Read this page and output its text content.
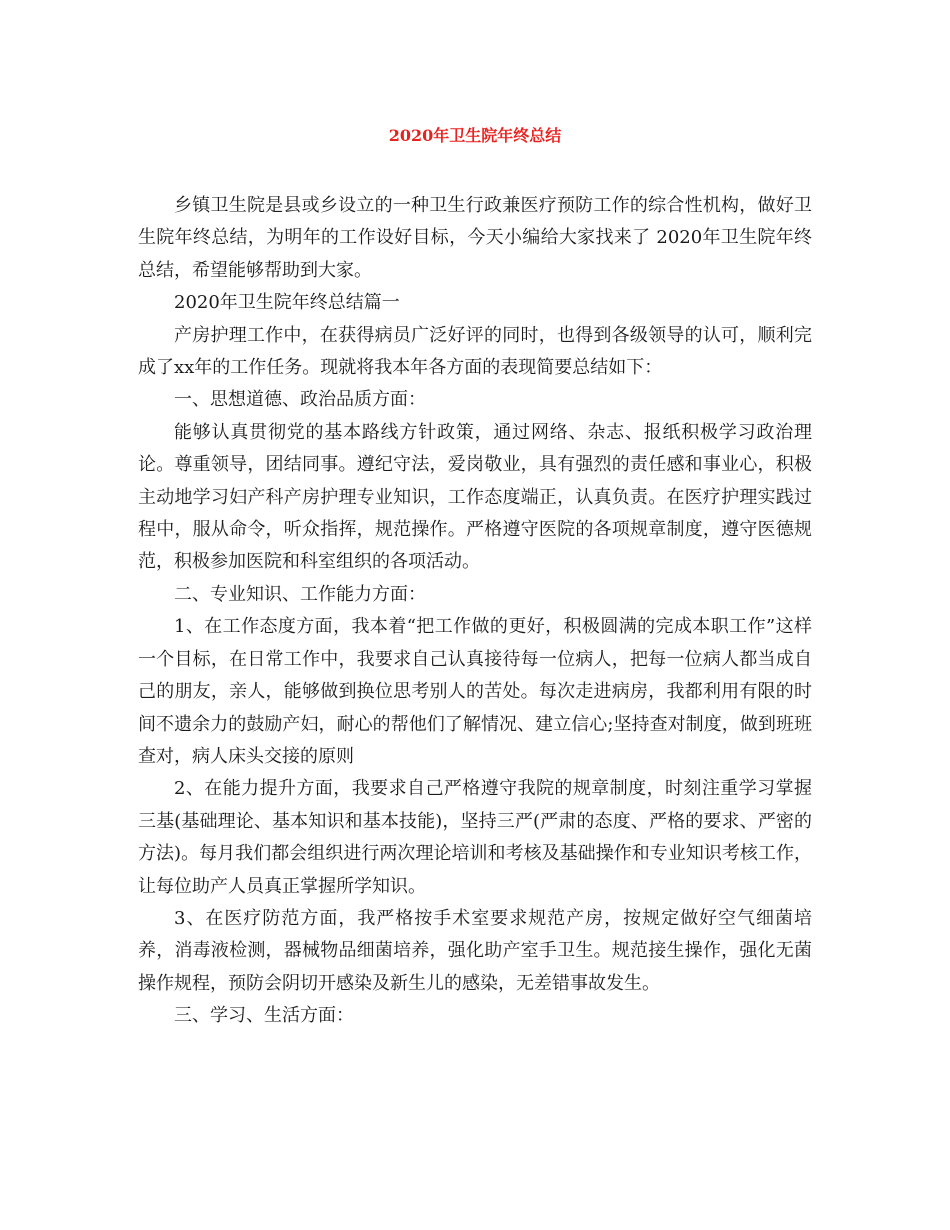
2020年卫生院年终总结

乡镇卫生院是县或乡设立的一种卫生行政兼医疗预防工作的综合性机构，做好卫生院年终总结，为明年的工作设好目标，今天小编给大家找来了 2020年卫生院年终总结，希望能够帮助到大家。

2020年卫生院年终总结篇一

产房护理工作中，在获得病员广泛好评的同时，也得到各级领导的认可，顺利完成了xx年的工作任务。现就将我本年各方面的表现简要总结如下：

一、思想道德、政治品质方面：

能够认真贯彻党的基本路线方针政策，通过网络、杂志、报纸积极学习政治理论。尊重领导，团结同事。遵纪守法，爱岗敬业，具有强烈的责任感和事业心，积极主动地学习妇产科产房护理专业知识，工作态度端正，认真负责。在医疗护理实践过程中，服从命令，听众指挥，规范操作。严格遵守医院的各项规章制度，遵守医德规范，积极参加医院和科室组织的各项活动。

二、专业知识、工作能力方面：

1、在工作态度方面，我本着“把工作做的更好，积极圆满的完成本职工作”这样一个目标，在日常工作中，我要求自己认真接待每一位病人，把每一位病人都当成自己的朋友，亲人，能够做到换位思考别人的苦处。每次走进病房，我都利用有限的时间不遗余力的鼓励产妇，耐心的帮他们了解情况、建立信心;坚持查对制度，做到班班查对，病人床头交接的原则

2、在能力提升方面，我要求自己严格遵守我院的规章制度，时刻注重学习掌握三基(基础理论、基本知识和基本技能)，坚持三严(严肃的态度、严格的要求、严密的方法)。每月我们都会组织进行两次理论培训和考核及基础操作和专业知识考核工作，让每位助产人员真正掌握所学知识。

3、在医疗防范方面，我严格按手术室要求规范产房，按规定做好空气细菌培养，消毒液检测，器械物品细菌培养，强化助产室手卫生。规范接生操作，强化无菌操作规程，预防会阴切开感染及新生儿的感染，无差错事故发生。

三、学习、生活方面：
